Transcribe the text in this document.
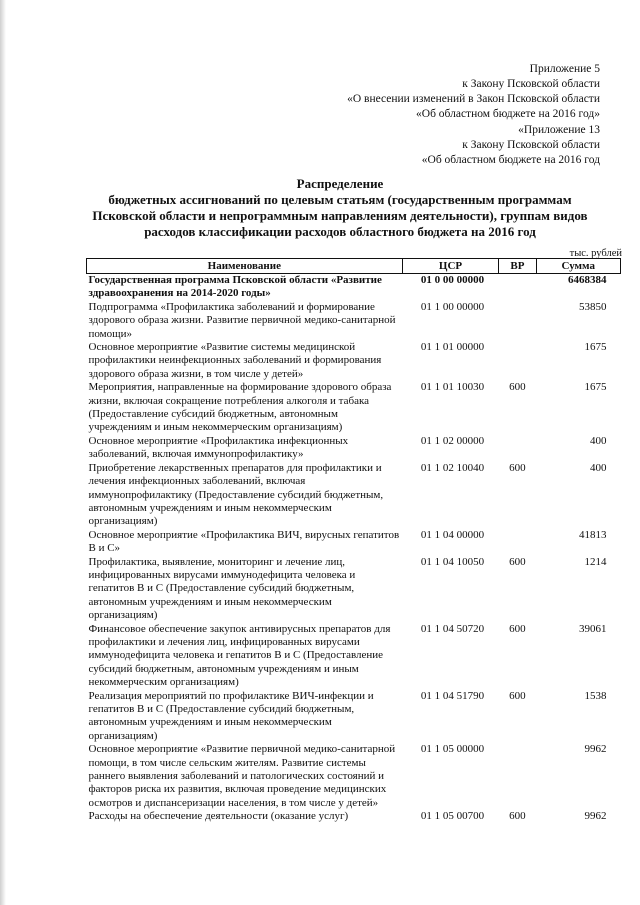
Приложение 5
к Закону Псковской области
«О внесении изменений в Закон Псковской области
«Об областном бюджете на 2016 год»
«Приложение 13
к Закону Псковской области
«Об областном бюджете на 2016 год
Распределение
бюджетных ассигнований по целевым статьям (государственным программам
Псковской области и непрограммным направлениям деятельности), группам видов
расходов классификации расходов областного бюджета на 2016 год
тыс. рублей
Наименование	ЦСР	ВР	Сумма
Государственная программа Псковской области «Развитие здравоохранения на 2014-2020 годы»	01 0 00 00000		6468384
Подпрограмма «Профилактика заболеваний и формирование здорового образа жизни. Развитие первичной медико-санитарной помощи»	01 1 00 00000		53850
Основное мероприятие «Развитие системы медицинской профилактики неинфекционных заболеваний и формирования здорового образа жизни, в том числе у детей»	01 1 01 00000		1675
Мероприятия, направленные на формирование здорового образа жизни, включая сокращение потребления алкоголя и табака (Предоставление субсидий бюджетным, автономным учреждениям и иным некоммерческим организациям)	01 1 01 10030	600	1675
Основное мероприятие «Профилактика инфекционных заболеваний, включая иммунопрофилактику»	01 1 02 00000		400
Приобретение лекарственных препаратов для профилактики и лечения инфекционных заболеваний, включая иммунопрофилактику (Предоставление субсидий бюджетным, автономным учреждениям и иным некоммерческим организациям)	01 1 02 10040	600	400
Основное мероприятие «Профилактика ВИЧ, вирусных гепатитов В и С»	01 1 04 00000		41813
Профилактика, выявление, мониторинг и лечение лиц, инфицированных вирусами иммунодефицита человека и гепатитов В и С (Предоставление субсидий бюджетным, автономным учреждениям и иным некоммерческим организациям)	01 1 04 10050	600	1214
Финансовое обеспечение закупок антивирусных препаратов для профилактики и лечения лиц, инфицированных вирусами иммунодефицита человека и гепатитов В и С (Предоставление субсидий бюджетным, автономным учреждениям и иным некоммерческим организациям)	01 1 04 50720	600	39061
Реализация мероприятий по профилактике ВИЧ-инфекции и гепатитов В и С (Предоставление субсидий бюджетным, автономным учреждениям и иным некоммерческим организациям)	01 1 04 51790	600	1538
Основное мероприятие «Развитие первичной медико-санитарной помощи, в том числе сельским жителям. Развитие системы раннего выявления заболеваний и патологических состояний и факторов риска их развития, включая проведение медицинских осмотров и диспансеризации населения, в том числе у детей»	01 1 05 00000		9962
Расходы на обеспечение деятельности (оказание услуг)	01 1 05 00700	600	9962
